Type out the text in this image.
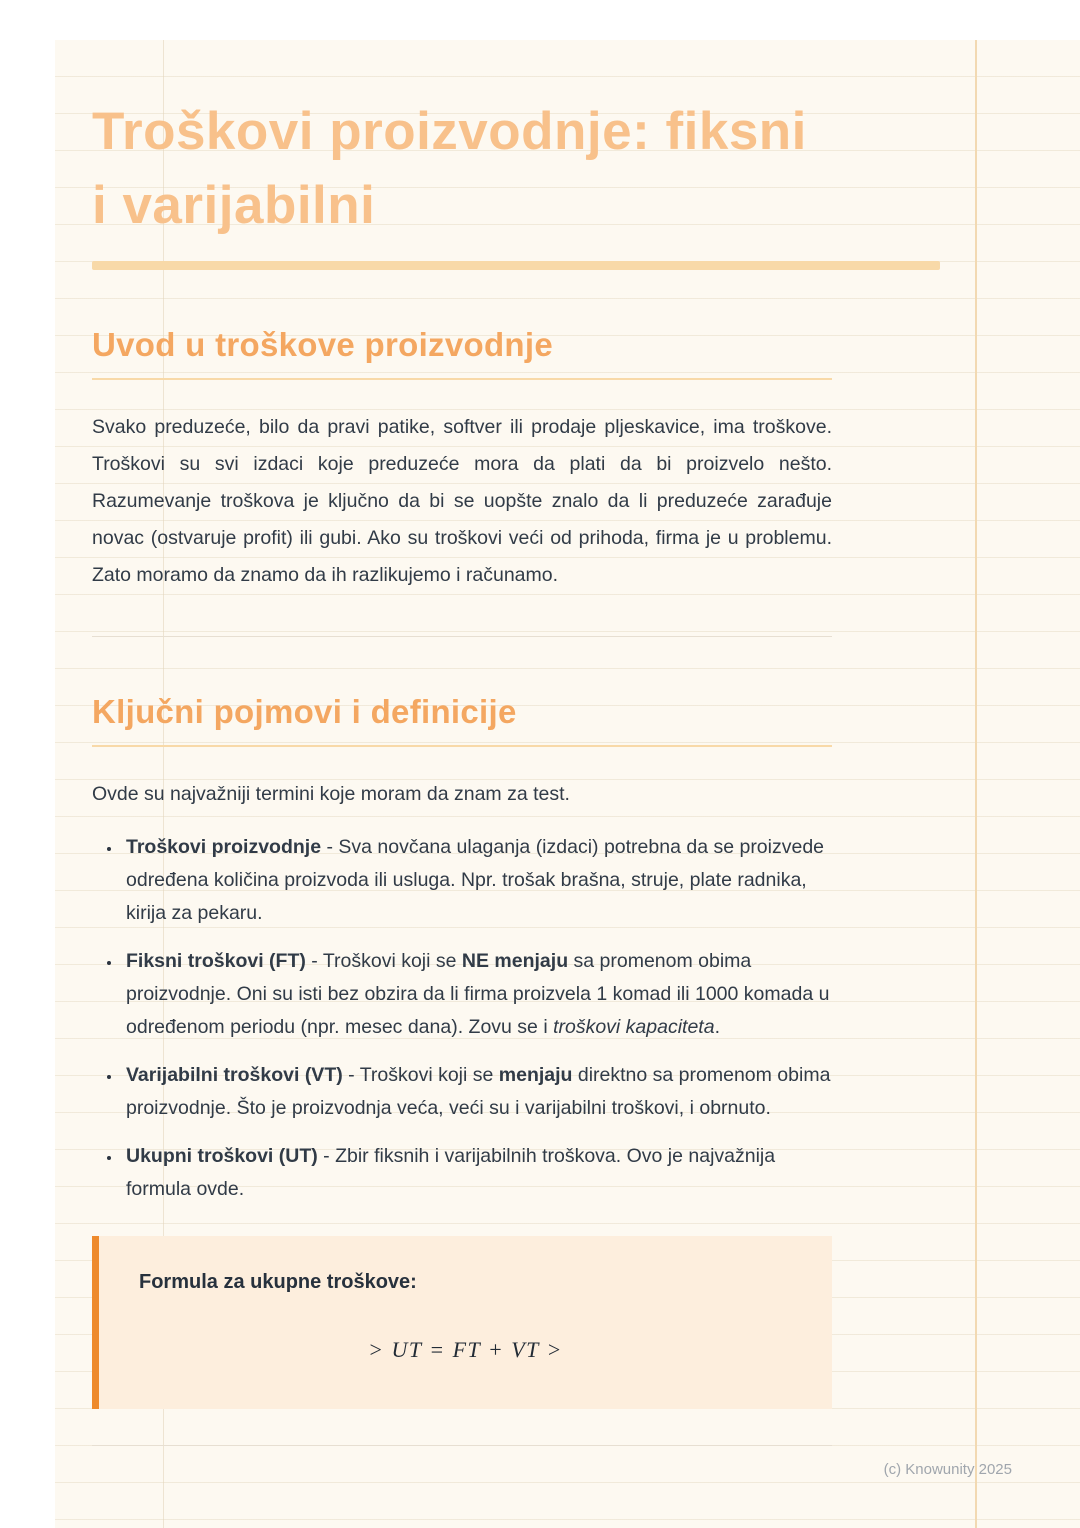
Troškovi proizvodnje: fiksni i varijabilni
Uvod u troškove proizvodnje

Svako preduzeće, bilo da pravi patike, softver ili prodaje pljeskavice, ima troškove. Troškovi su svi izdaci koje preduzeće mora da plati da bi proizvelo nešto. Razumevanje troškova je ključno da bi se uopšte znalo da li preduzeće zarađuje novac (ostvaruje profit) ili gubi. Ako su troškovi veći od prihoda, firma je u problemu. Zato moramo da znamo da ih razlikujemo i računamo.

Ključni pojmovi i definicije

Ovde su najvažniji termini koje moram da znam za test.

• Troškovi proizvodnje - Sva novčana ulaganja (izdaci) potrebna da se proizvede određena količina proizvoda ili usluga. Npr. trošak brašna, struje, plate radnika, kirija za pekaru.
• Fiksni troškovi (FT) - Troškovi koji se NE menjaju sa promenom obima proizvodnje. Oni su isti bez obzira da li firma proizvela 1 komad ili 1000 komada u određenom periodu (npr. mesec dana). Zovu se i troškovi kapaciteta.
• Varijabilni troškovi (VT) - Troškovi koji se menjaju direktno sa promenom obima proizvodnje. Što je proizvodnja veća, veći su i varijabilni troškovi, i obrnuto.
• Ukupni troškovi (UT) - Zbir fiksnih i varijabilnih troškova. Ovo je najvažnija formula ovde.

Formula za ukupne troškove:

> UT = FT + VT >

(c) Knowunity 2025
